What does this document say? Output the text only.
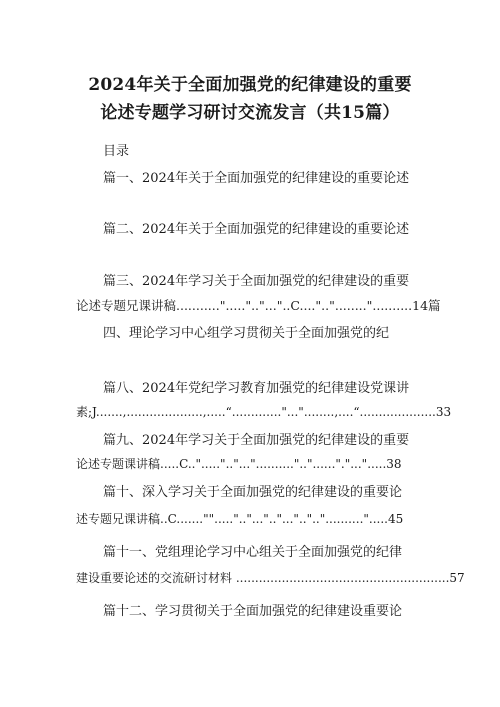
2024年关于全面加强党的纪律建设的重要
论述专题学习研讨交流发言（共15篇）

目录

篇一、2024年关于全面加强党的纪律建设的重要论述

篇二、2024年关于全面加强党的纪律建设的重要论述

篇三、2024年学习关于全面加强党的纪律建设的重要

论述专题兄课讲稿...........".....".."..."..C....".."........"..........14篇

四、理论学习中心组学习贯彻关于全面加强党的纪

篇八、2024年党纪学习教育加强党的纪律建设党课讲

素;J.......,....................,.....“............."..."........,....“....................33

篇九、2024年学习关于全面加强党的纪律建设的重要

论述专题课讲稿.....C..".....".."..."..........".."......"."...".....38

篇十、深入学习关于全面加强党的纪律建设的重要论

述专题兄课讲稿..C......."".....".."...".."..."..".."..........".....45

篇十一、党组理论学习中心组关于全面加强党的纪律

建设重要论述的交流研讨材料 ........................................................57

篇十二、学习贯彻关于全面加强党的纪律建设重要论
